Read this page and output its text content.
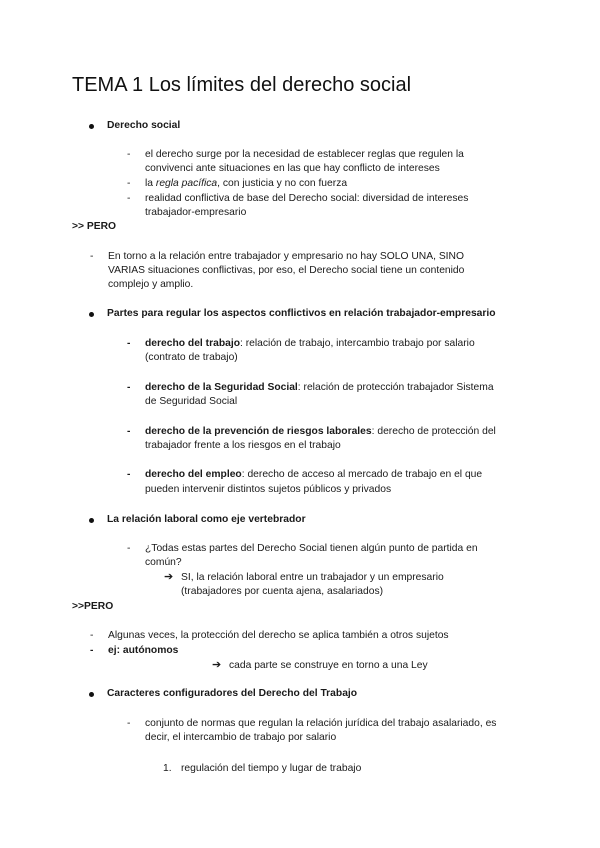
TEMA 1 Los límites del derecho social
Derecho social
- el derecho surge por la necesidad de establecer reglas que regulen la
convivenci ante situaciones en las que hay conflicto de intereses
- la regla pacífica, con justicia y no con fuerza
- realidad conflictiva de base del Derecho social: diversidad de intereses
trabajador-empresario
>> PERO
- En torno a la relación entre trabajador y empresario no hay SOLO UNA, SINO
VARIAS situaciones conflictivas, por eso, el Derecho social tiene un contenido
complejo y amplio.
Partes para regular los aspectos conflictivos en relación trabajador-empresario
- derecho del trabajo: relación de trabajo, intercambio trabajo por salario
(contrato de trabajo)
- derecho de la Seguridad Social: relación de protección trabajador Sistema
de Seguridad Social
- derecho de la prevención de riesgos laborales: derecho de protección del
trabajador frente a los riesgos en el trabajo
- derecho del empleo: derecho de acceso al mercado de trabajo en el que
pueden intervenir distintos sujetos públicos y privados
La relación laboral como eje vertebrador
- ¿Todas estas partes del Derecho Social tienen algún punto de partida en
común?
➔ SI, la relación laboral entre un trabajador y un empresario
(trabajadores por cuenta ajena, asalariados)
>>PERO
- Algunas veces, la protección del derecho se aplica también a otros sujetos
- ej: autónomos
➔ cada parte se construye en torno a una Ley
Caracteres configuradores del Derecho del Trabajo
- conjunto de normas que regulan la relación jurídica del trabajo asalariado, es
decir, el intercambio de trabajo por salario
1. regulación del tiempo y lugar de trabajo
